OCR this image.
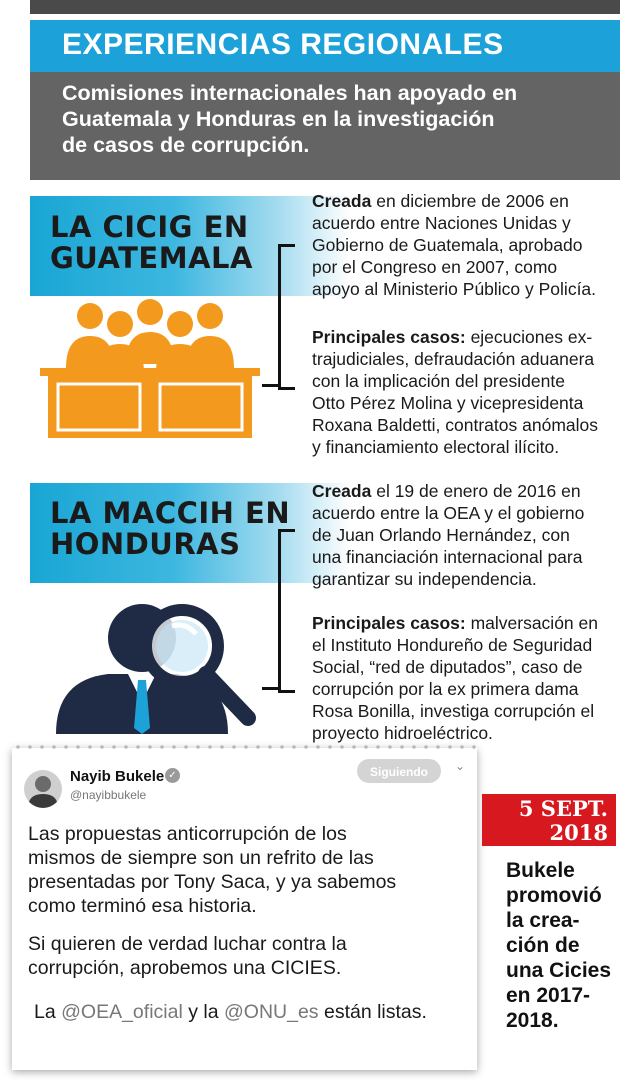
EXPERIENCIAS REGIONALES
Comisiones internacionales han apoyado en
Guatemala y Honduras en la investigación
de casos de corrupción.
LA CICIG EN
GUATEMALA
Creada en diciembre de 2006 en
acuerdo entre Naciones Unidas y
Gobierno de Guatemala, aprobado
por el Congreso en 2007, como
apoyo al Ministerio Público y Policía.
Principales casos: ejecuciones ex-
trajudiciales, defraudación aduanera
con la implicación del presidente
Otto Pérez Molina y vicepresidenta
Roxana Baldetti, contratos anómalos
y financiamiento electoral ilícito.
LA MACCIH EN
HONDURAS
Creada el 19 de enero de 2016 en
acuerdo entre la OEA y el gobierno
de Juan Orlando Hernández, con
una financiación internacional para
garantizar su independencia.
Principales casos: malversación en
el Instituto Hondureño de Seguridad
Social, “red de diputados”, caso de
corrupción por la ex primera dama
Rosa Bonilla, investiga corrupción el
proyecto hidroeléctrico.
Nayib Bukele ✓
@nayibbukele
Siguiendo	⌄
Las propuestas anticorrupción de los
mismos de siempre son un refrito de las
presentadas por Tony Saca, y ya sabemos
como terminó esa historia.
Si quieren de verdad luchar contra la
corrupción, aprobemos una CICIES.
La @OEA_oficial y la @ONU_es están listas.
5 SEPT.
2018
Bukele
promovió
la crea-
ción de
una Cicies
en 2017-
2018.
